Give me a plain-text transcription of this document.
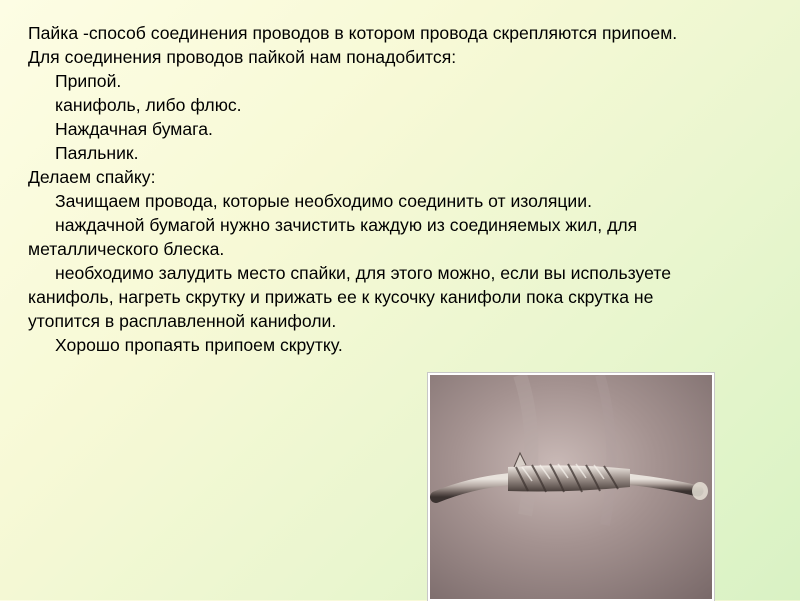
Пайка -способ соединения проводов в котором провода скрепляются припоем.

Для соединения проводов пайкой нам понадобится:

Припой.

канифоль, либо флюс.

Наждачная бумага.

Паяльник.

Делаем спайку:

Зачищаем провода, которые необходимо соединить от изоляции.

наждачной бумагой нужно зачистить каждую из соединяемых жил, для металлического блеска.

необходимо залудить место спайки, для этого можно, если вы используете канифоль, нагреть скрутку и прижать ее к кусочку канифоли пока скрутка не утопится в расплавленной канифоли.

Хорошо пропаять припоем скрутку.
